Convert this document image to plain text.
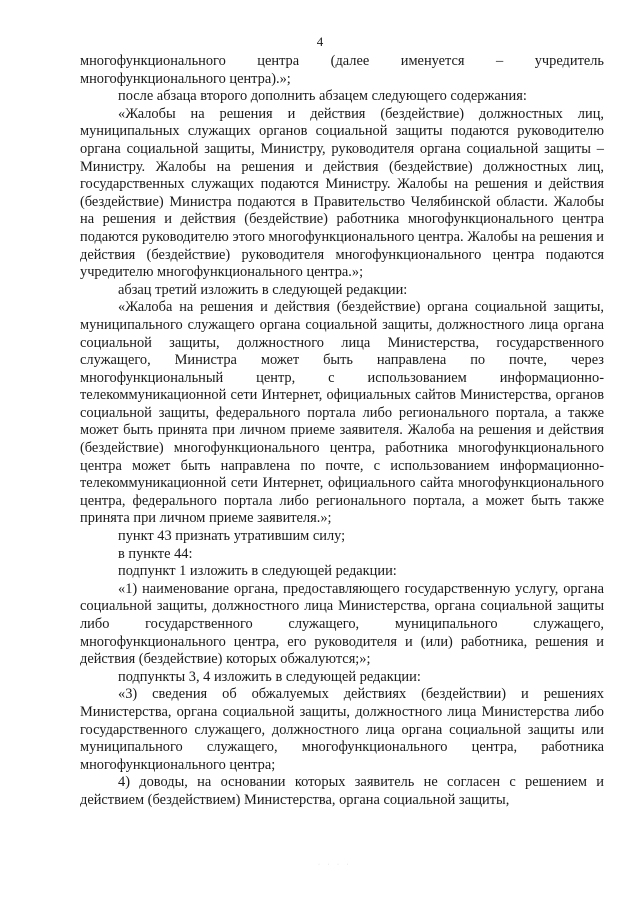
4

многофункционального центра (далее именуется – учредитель многофункционального центра).»;

после абзаца второго дополнить абзацем следующего содержания:

«Жалобы на решения и действия (бездействие) должностных лиц, муниципальных служащих органов социальной защиты подаются руководителю органа социальной защиты, Министру, руководителя органа социальной защиты – Министру. Жалобы на решения и действия (бездействие) должностных лиц, государственных служащих подаются Министру. Жалобы на решения и действия (бездействие) Министра подаются в Правительство Челябинской области. Жалобы на решения и действия (бездействие) работника многофункционального центра подаются руководителю этого многофункционального центра. Жалобы на решения и действия (бездействие) руководителя многофункционального центра подаются учредителю многофункционального центра.»;

абзац третий изложить в следующей редакции:

«Жалоба на решения и действия (бездействие) органа социальной защиты, муниципального служащего органа социальной защиты, должностного лица органа социальной защиты, должностного лица Министерства, государственного служащего, Министра может быть направлена по почте, через многофункциональный центр, с использованием информационно-телекоммуникационной сети Интернет, официальных сайтов Министерства, органов социальной защиты, федерального портала либо регионального портала, а также может быть принята при личном приеме заявителя. Жалоба на решения и действия (бездействие) многофункционального центра, работника многофункционального центра может быть направлена по почте, с использованием информационно-телекоммуникационной сети Интернет, официального сайта многофункционального центра, федерального портала либо регионального портала, а может быть также принята при личном приеме заявителя.»;

пункт 43 признать утратившим силу;

в пункте 44:

подпункт 1 изложить в следующей редакции:

«1) наименование органа, предоставляющего государственную услугу, органа социальной защиты, должностного лица Министерства, органа социальной защиты либо государственного служащего, муниципального служащего, многофункционального центра, его руководителя и (или) работника, решения и действия (бездействие) которых обжалуются;»;

подпункты 3, 4 изложить в следующей редакции:

«3) сведения об обжалуемых действиях (бездействии) и решениях Министерства, органа социальной защиты, должностного лица Министерства либо государственного служащего, должностного лица органа социальной защиты или муниципального служащего, многофункционального центра, работника многофункционального центра;

4) доводы, на основании которых заявитель не согласен с решением и действием (бездействием) Министерства, органа социальной защиты,

· · · ·
